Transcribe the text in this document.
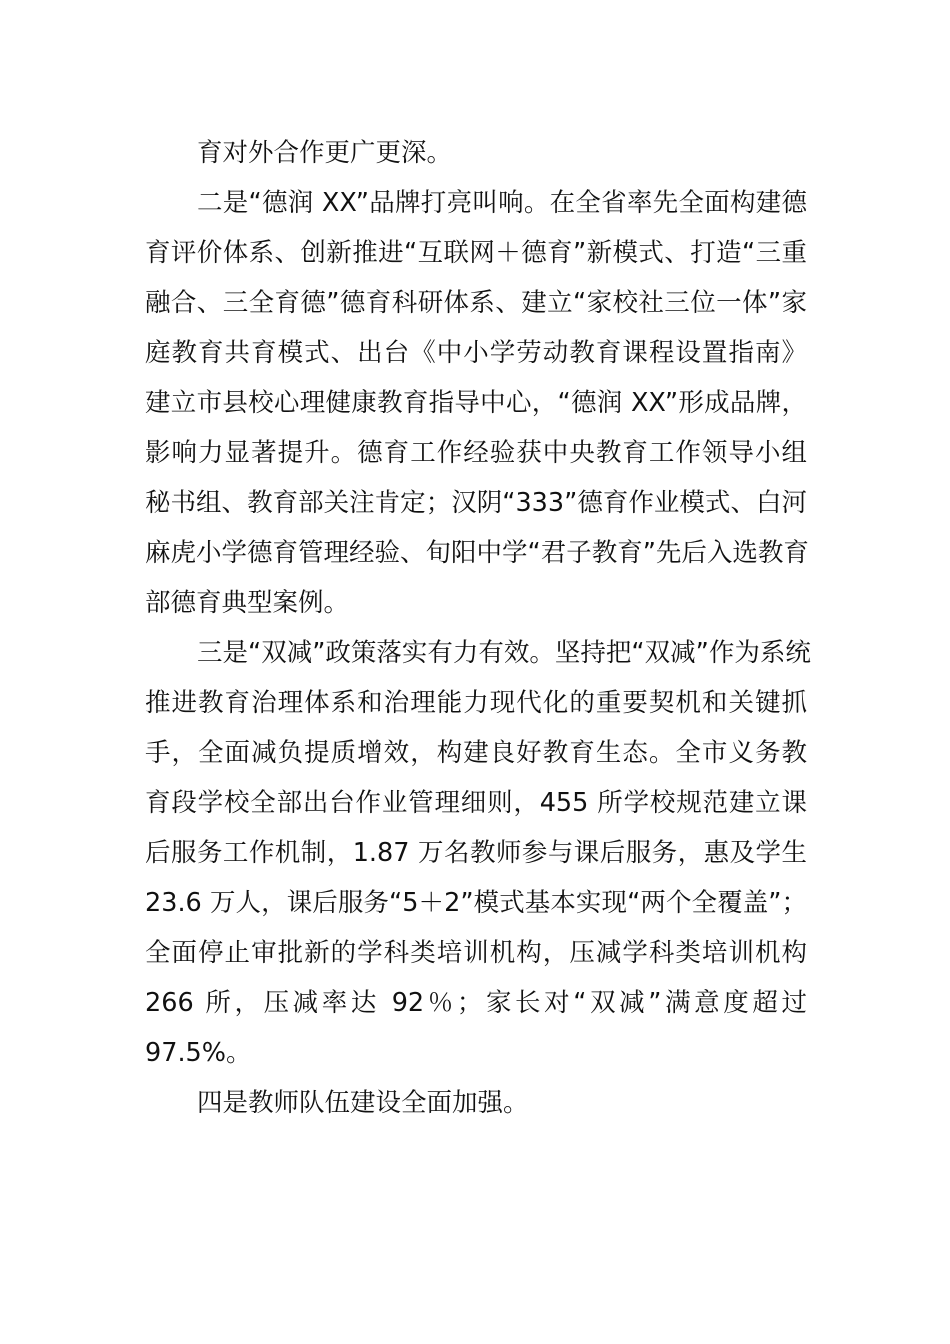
育对外合作更广更深。
二是“德润 XX”品牌打亮叫响。在全省率先全面构建德
育评价体系、创新推进“互联网＋德育”新模式、打造“三重
融合、三全育德”德育科研体系、建立“家校社三位一体”家
庭教育共育模式、出台《中小学劳动教育课程设置指南》
建立市县校心理健康教育指导中心，“德润 XX”形成品牌，
影响力显著提升。德育工作经验获中央教育工作领导小组
秘书组、教育部关注肯定；汉阴“333”德育作业模式、白河
麻虎小学德育管理经验、旬阳中学“君子教育”先后入选教育
部德育典型案例。
三是“双减”政策落实有力有效。坚持把“双减”作为系统
推进教育治理体系和治理能力现代化的重要契机和关键抓
手，全面减负提质增效，构建良好教育生态。全市义务教
育段学校全部出台作业管理细则，455 所学校规范建立课
后服务工作机制，1.87 万名教师参与课后服务，惠及学生
23.6 万人，课后服务“5＋2”模式基本实现“两个全覆盖”；
全面停止审批新的学科类培训机构，压减学科类培训机构
266 所，压减率达 92％；家长对“双减”满意度超过
97.5%。
四是教师队伍建设全面加强。
